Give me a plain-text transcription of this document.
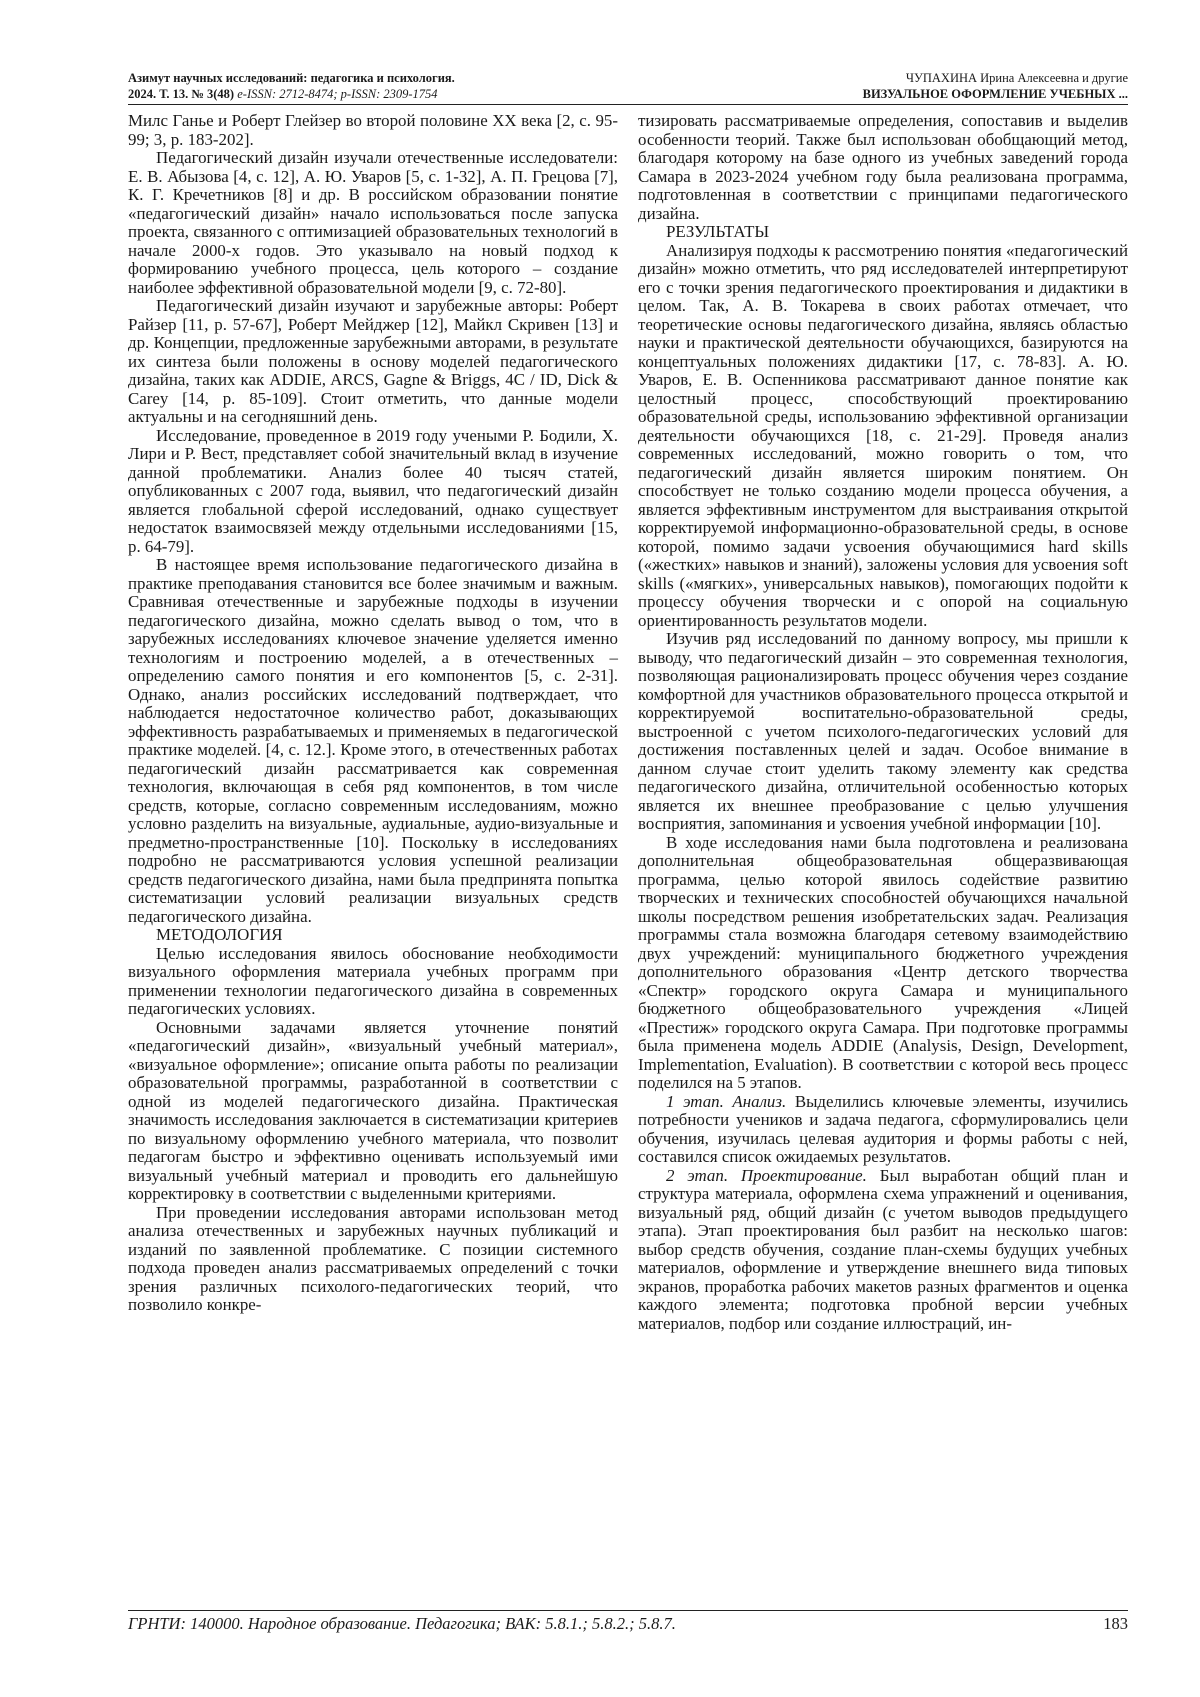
Азимут научных исследований: педагогика и психология.
2024. Т. 13. № 3(48) e-ISSN: 2712-8474; p-ISSN: 2309-1754
ЧУПАХИНА Ирина Алексеевна и другие
ВИЗУАЛЬНОЕ ОФОРМЛЕНИЕ УЧЕБНЫХ ...

Милс Ганье и Роберт Глейзер во второй половине XX века [2, с. 95-99; 3, р. 183-202].

Педагогический дизайн изучали отечественные исследователи: Е. В. Абызова [4, с. 12], А. Ю. Уваров [5, с. 1-32], А. П. Грецова [7], К. Г. Кречетников [8] и др. В российском образовании понятие «педагогический дизайн» начало использоваться после запуска проекта, связанного с оптимизацией образовательных технологий в начале 2000-х годов. Это указывало на новый подход к формированию учебного процесса, цель которого – создание наиболее эффективной образовательной модели [9, с. 72-80].

Педагогический дизайн изучают и зарубежные авторы: Роберт Райзер [11, р. 57-67], Роберт Мейджер [12], Майкл Скривен [13] и др. Концепции, предложенные зарубежными авторами, в результате их синтеза были положены в основу моделей педагогического дизайна, таких как ADDIE, ARCS, Gagne & Briggs, 4C / ID, Dick & Carey [14, р. 85-109]. Стоит отметить, что данные модели актуальны и на сегодняшний день.

Исследование, проведенное в 2019 году учеными Р. Бодили, Х. Лири и Р. Вест, представляет собой значительный вклад в изучение данной проблематики. Анализ более 40 тысяч статей, опубликованных с 2007 года, выявил, что педагогический дизайн является глобальной сферой исследований, однако существует недостаток взаимосвязей между отдельными исследованиями [15, р. 64-79].

В настоящее время использование педагогического дизайна в практике преподавания становится все более значимым и важным. Сравнивая отечественные и зарубежные подходы в изучении педагогического дизайна, можно сделать вывод о том, что в зарубежных исследованиях ключевое значение уделяется именно технологиям и построению моделей, а в отечественных – определению самого понятия и его компонентов [5, с. 2-31]. Однако, анализ российских исследований подтверждает, что наблюдается недостаточное количество работ, доказывающих эффективность разрабатываемых и применяемых в педагогической практике моделей. [4, с. 12.]. Кроме этого, в отечественных работах педагогический дизайн рассматривается как современная технология, включающая в себя ряд компонентов, в том числе средств, которые, согласно современным исследованиям, можно условно разделить на визуальные, аудиальные, аудио-визуальные и предметно-пространственные [10]. Поскольку в исследованиях подробно не рассматриваются условия успешной реализации средств педагогического дизайна, нами была предпринята попытка систематизации условий реализации визуальных средств педагогического дизайна.

МЕТОДОЛОГИЯ

Целью исследования явилось обоснование необходимости визуального оформления материала учебных программ при применении технологии педагогического дизайна в современных педагогических условиях.

Основными задачами является уточнение понятий «педагогический дизайн», «визуальный учебный материал», «визуальное оформление»; описание опыта работы по реализации образовательной программы, разработанной в соответствии с одной из моделей педагогического дизайна. Практическая значимость исследования заключается в систематизации критериев по визуальному оформлению учебного материала, что позволит педагогам быстро и эффективно оценивать используемый ими визуальный учебный материал и проводить его дальнейшую корректировку в соответствии с выделенными критериями.

При проведении исследования авторами использован метод анализа отечественных и зарубежных научных публикаций и изданий по заявленной проблематике. С позиции системного подхода проведен анализ рассматриваемых определений с точки зрения различных психолого-педагогических теорий, что позволило конкре-

тизировать рассматриваемые определения, сопоставив и выделив особенности теорий. Также был использован обобщающий метод, благодаря которому на базе одного из учебных заведений города Самара в 2023-2024 учебном году была реализована программа, подготовленная в соответствии с принципами педагогического дизайна.

РЕЗУЛЬТАТЫ

Анализируя подходы к рассмотрению понятия «педагогический дизайн» можно отметить, что ряд исследователей интерпретируют его с точки зрения педагогического проектирования и дидактики в целом. Так, А. В. Токарева в своих работах отмечает, что теоретические основы педагогического дизайна, являясь областью науки и практической деятельности обучающихся, базируются на концептуальных положениях дидактики [17, с. 78-83]. А. Ю. Уваров, Е. В. Оспенникова рассматривают данное понятие как целостный процесс, способствующий проектированию образовательной среды, использованию эффективной организации деятельности обучающихся [18, с. 21-29]. Проведя анализ современных исследований, можно говорить о том, что педагогический дизайн является широким понятием. Он способствует не только созданию модели процесса обучения, а является эффективным инструментом для выстраивания открытой корректируемой информационно-образовательной среды, в основе которой, помимо задачи усвоения обучающимися hard skills («жестких» навыков и знаний), заложены условия для усвоения soft skills («мягких», универсальных навыков), помогающих подойти к процессу обучения творчески и с опорой на социальную ориентированность результатов модели.

Изучив ряд исследований по данному вопросу, мы пришли к выводу, что педагогический дизайн – это современная технология, позволяющая рационализировать процесс обучения через создание комфортной для участников образовательного процесса открытой и корректируемой воспитательно-образовательной среды, выстроенной с учетом психолого-педагогических условий для достижения поставленных целей и задач. Особое внимание в данном случае стоит уделить такому элементу как средства педагогического дизайна, отличительной особенностью которых является их внешнее преобразование с целью улучшения восприятия, запоминания и усвоения учебной информации [10].

В ходе исследования нами была подготовлена и реализована дополнительная общеобразовательная общеразвивающая программа, целью которой явилось содействие развитию творческих и технических способностей обучающихся начальной школы посредством решения изобретательских задач. Реализация программы стала возможна благодаря сетевому взаимодействию двух учреждений: муниципального бюджетного учреждения дополнительного образования «Центр детского творчества «Спектр» городского округа Самара и муниципального бюджетного общеобразовательного учреждения «Лицей «Престиж» городского округа Самара. При подготовке программы была применена модель ADDIE (Analysis, Design, Development, Implementation, Evaluation). В соответствии с которой весь процесс поделился на 5 этапов.

1 этап. Анализ. Выделились ключевые элементы, изучились потребности учеников и задача педагога, сформулировались цели обучения, изучилась целевая аудитория и формы работы с ней, составился список ожидаемых результатов.

2 этап. Проектирование. Был выработан общий план и структура материала, оформлена схема упражнений и оценивания, визуальный ряд, общий дизайн (с учетом выводов предыдущего этапа). Этап проектирования был разбит на несколько шагов: выбор средств обучения, создание план-схемы будущих учебных материалов, оформление и утверждение внешнего вида типовых экранов, проработка рабочих макетов разных фрагментов и оценка каждого элемента; подготовка пробной версии учебных материалов, подбор или создание иллюстраций, ин-

ГРНТИ: 140000. Народное образование. Педагогика; ВАК: 5.8.1.; 5.8.2.; 5.8.7.	183
